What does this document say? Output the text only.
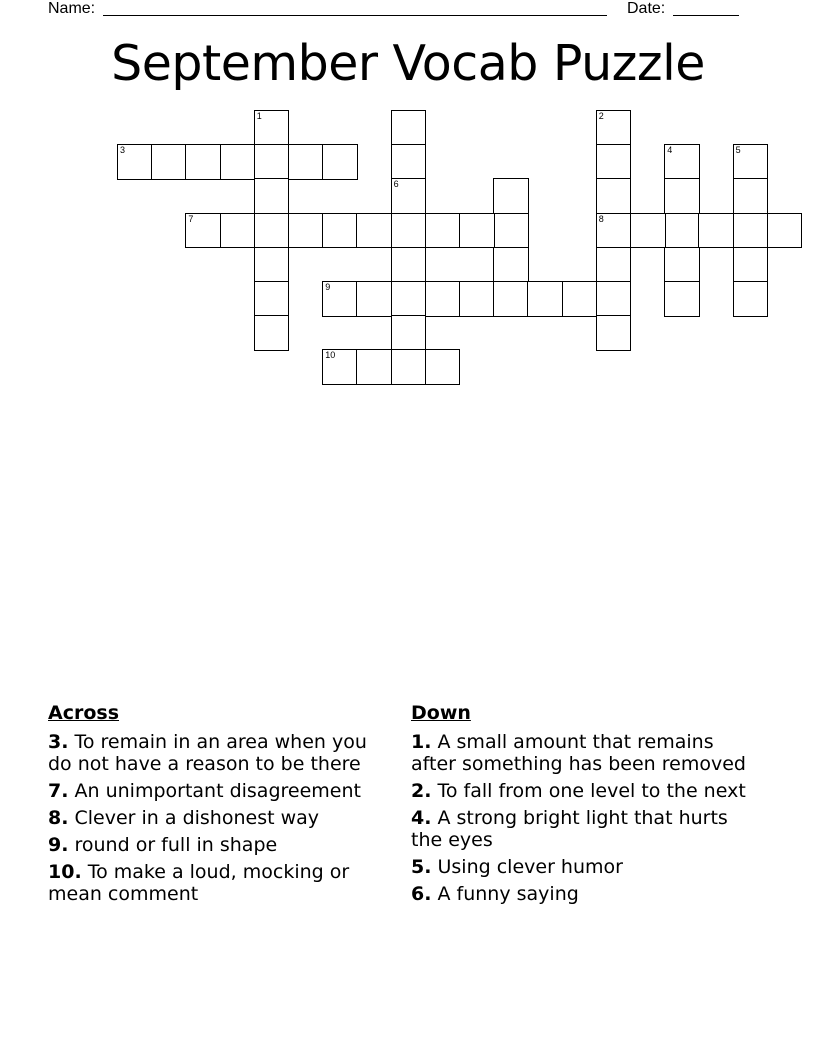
Name:	Date:
September Vocab Puzzle
1
3
6
2
8
4	5
7
9
10
Across
3. To remain in an area when you do not have a reason to be there
7. An unimportant disagreement
8. Clever in a dishonest way
9. round or full in shape
10. To make a loud, mocking or mean comment
Down
1. A small amount that remains after something has been removed
2. To fall from one level to the next
4. A strong bright light that hurts the eyes
5. Using clever humor
6. A funny saying
